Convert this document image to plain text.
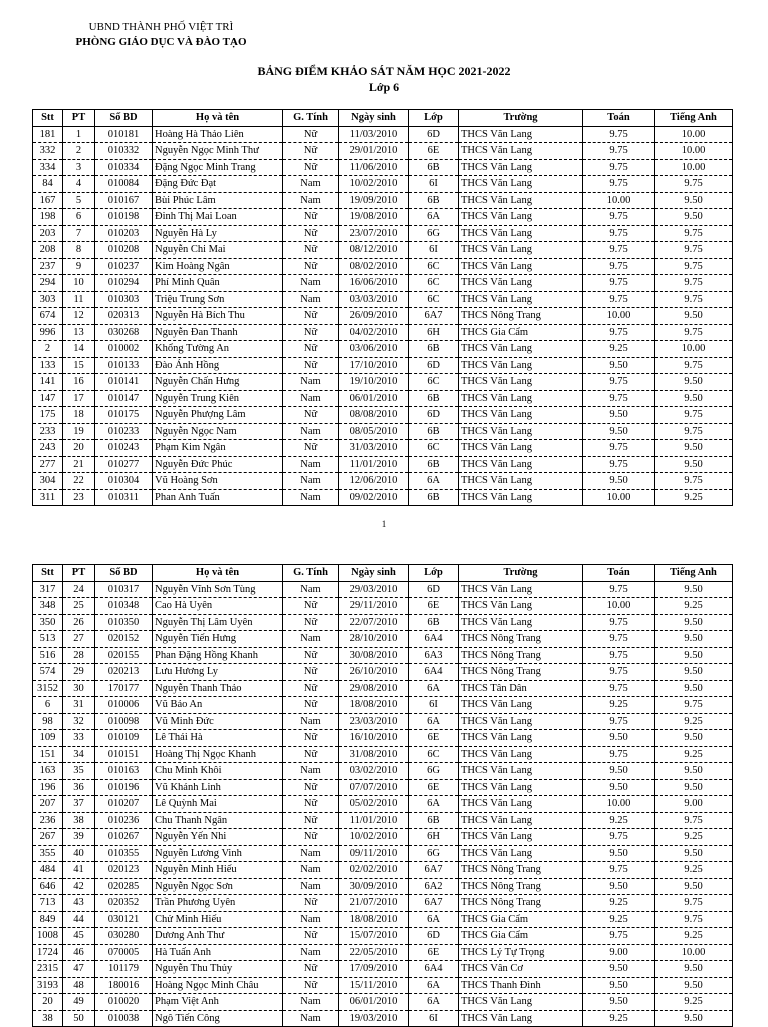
UBND THÀNH PHỐ VIỆT TRÌ
PHÒNG GIÁO DỤC VÀ ĐÀO TẠO
BẢNG ĐIỂM KHẢO SÁT NĂM HỌC 2021-2022
Lớp 6
Stt	PT	Số BD	Họ và tên	G. Tính	Ngày sinh	Lớp	Trường	Toán	Tiếng Anh
181	1	010181	Hoàng Hà Thảo Liên	Nữ	11/03/2010	6D	THCS Văn Lang	9.75	10.00
332	2	010332	Nguyễn Ngọc Minh Thư	Nữ	29/01/2010	6E	THCS Văn Lang	9.75	10.00
334	3	010334	Đặng Ngọc Minh Trang	Nữ	11/06/2010	6B	THCS Văn Lang	9.75	10.00
84	4	010084	Đặng Đức Đạt	Nam	10/02/2010	6I	THCS Văn Lang	9.75	9.75
167	5	010167	Bùi Phúc Lâm	Nam	19/09/2010	6B	THCS Văn Lang	10.00	9.50
198	6	010198	Đinh Thị Mai Loan	Nữ	19/08/2010	6A	THCS Văn Lang	9.75	9.50
203	7	010203	Nguyễn Hà Ly	Nữ	23/07/2010	6G	THCS Văn Lang	9.75	9.75
208	8	010208	Nguyễn Chi Mai	Nữ	08/12/2010	6I	THCS Văn Lang	9.75	9.75
237	9	010237	Kim Hoàng Ngân	Nữ	08/02/2010	6C	THCS Văn Lang	9.75	9.75
294	10	010294	Phí Minh Quân	Nam	16/06/2010	6C	THCS Văn Lang	9.75	9.75
303	11	010303	Triệu Trung Sơn	Nam	03/03/2010	6C	THCS Văn Lang	9.75	9.75
674	12	020313	Nguyễn Hà Bích Thu	Nữ	26/09/2010	6A7	THCS Nông Trang	10.00	9.50
996	13	030268	Nguyễn Đan Thanh	Nữ	04/02/2010	6H	THCS Gia Cẩm	9.75	9.75
2	14	010002	Khổng Tường An	Nữ	03/06/2010	6B	THCS Văn Lang	9.25	10.00
133	15	010133	Đào Ánh Hồng	Nữ	17/10/2010	6D	THCS Văn Lang	9.50	9.75
141	16	010141	Nguyễn Chấn Hưng	Nam	19/10/2010	6C	THCS Văn Lang	9.75	9.50
147	17	010147	Nguyễn Trung Kiên	Nam	06/01/2010	6B	THCS Văn Lang	9.75	9.50
175	18	010175	Nguyễn Phượng Lâm	Nữ	08/08/2010	6D	THCS Văn Lang	9.50	9.75
233	19	010233	Nguyễn Ngọc Nam	Nam	08/05/2010	6B	THCS Văn Lang	9.50	9.75
243	20	010243	Phạm Kim Ngân	Nữ	31/03/2010	6C	THCS Văn Lang	9.75	9.50
277	21	010277	Nguyễn Đức Phúc	Nam	11/01/2010	6B	THCS Văn Lang	9.75	9.50
304	22	010304	Vũ Hoàng Sơn	Nam	12/06/2010	6A	THCS Văn Lang	9.50	9.75
311	23	010311	Phan Anh Tuấn	Nam	09/02/2010	6B	THCS Văn Lang	10.00	9.25
1
Stt	PT	Số BD	Họ và tên	G. Tính	Ngày sinh	Lớp	Trường	Toán	Tiếng Anh
317	24	010317	Nguyễn Vĩnh Sơn Tùng	Nam	29/03/2010	6D	THCS Văn Lang	9.75	9.50
348	25	010348	Cao Hà Uyên	Nữ	29/11/2010	6E	THCS Văn Lang	10.00	9.25
350	26	010350	Nguyễn Thị Lâm Uyên	Nữ	22/07/2010	6B	THCS Văn Lang	9.75	9.50
513	27	020152	Nguyễn Tiến Hưng	Nam	28/10/2010	6A4	THCS Nông Trang	9.75	9.50
516	28	020155	Phan Đặng Hồng Khanh	Nữ	30/08/2010	6A3	THCS Nông Trang	9.75	9.50
574	29	020213	Lưu Hương Ly	Nữ	26/10/2010	6A4	THCS Nông Trang	9.75	9.50
3152	30	170177	Nguyễn Thanh Thảo	Nữ	29/08/2010	6A	THCS Tân Dân	9.75	9.50
6	31	010006	Vũ Bảo An	Nữ	18/08/2010	6I	THCS Văn Lang	9.25	9.75
98	32	010098	Vũ Minh Đức	Nam	23/03/2010	6A	THCS Văn Lang	9.75	9.25
109	33	010109	Lê Thái Hà	Nữ	16/10/2010	6E	THCS Văn Lang	9.50	9.50
151	34	010151	Hoàng Thị Ngọc Khanh	Nữ	31/08/2010	6C	THCS Văn Lang	9.75	9.25
163	35	010163	Chu Minh Khôi	Nam	03/02/2010	6G	THCS Văn Lang	9.50	9.50
196	36	010196	Vũ Khánh Linh	Nữ	07/07/2010	6E	THCS Văn Lang	9.50	9.50
207	37	010207	Lê Quỳnh Mai	Nữ	05/02/2010	6A	THCS Văn Lang	10.00	9.00
236	38	010236	Chu Thanh Ngân	Nữ	11/01/2010	6B	THCS Văn Lang	9.25	9.75
267	39	010267	Nguyễn Yến Nhi	Nữ	10/02/2010	6H	THCS Văn Lang	9.75	9.25
355	40	010355	Nguyễn Lương Vinh	Nam	09/11/2010	6G	THCS Văn Lang	9.50	9.50
484	41	020123	Nguyễn Minh Hiếu	Nam	02/02/2010	6A7	THCS Nông Trang	9.75	9.25
646	42	020285	Nguyễn Ngọc Sơn	Nam	30/09/2010	6A2	THCS Nông Trang	9.50	9.50
713	43	020352	Trần Phương Uyên	Nữ	21/07/2010	6A7	THCS Nông Trang	9.25	9.75
849	44	030121	Chử Minh Hiếu	Nam	18/08/2010	6A	THCS Gia Cẩm	9.25	9.75
1008	45	030280	Dương Anh Thư	Nữ	15/07/2010	6D	THCS Gia Cẩm	9.75	9.25
1724	46	070005	Hà Tuấn Anh	Nam	22/05/2010	6E	THCS Lý Tự Trọng	9.00	10.00
2315	47	101179	Nguyễn Thu Thủy	Nữ	17/09/2010	6A4	THCS Vân Cơ	9.50	9.50
3193	48	180016	Hoàng Ngọc Minh Châu	Nữ	15/11/2010	6A	THCS Thanh Đình	9.50	9.50
20	49	010020	Phạm Việt Anh	Nam	06/01/2010	6A	THCS Văn Lang	9.50	9.25
38	50	010038	Ngô Tiến Công	Nam	19/03/2010	6I	THCS Văn Lang	9.25	9.50
